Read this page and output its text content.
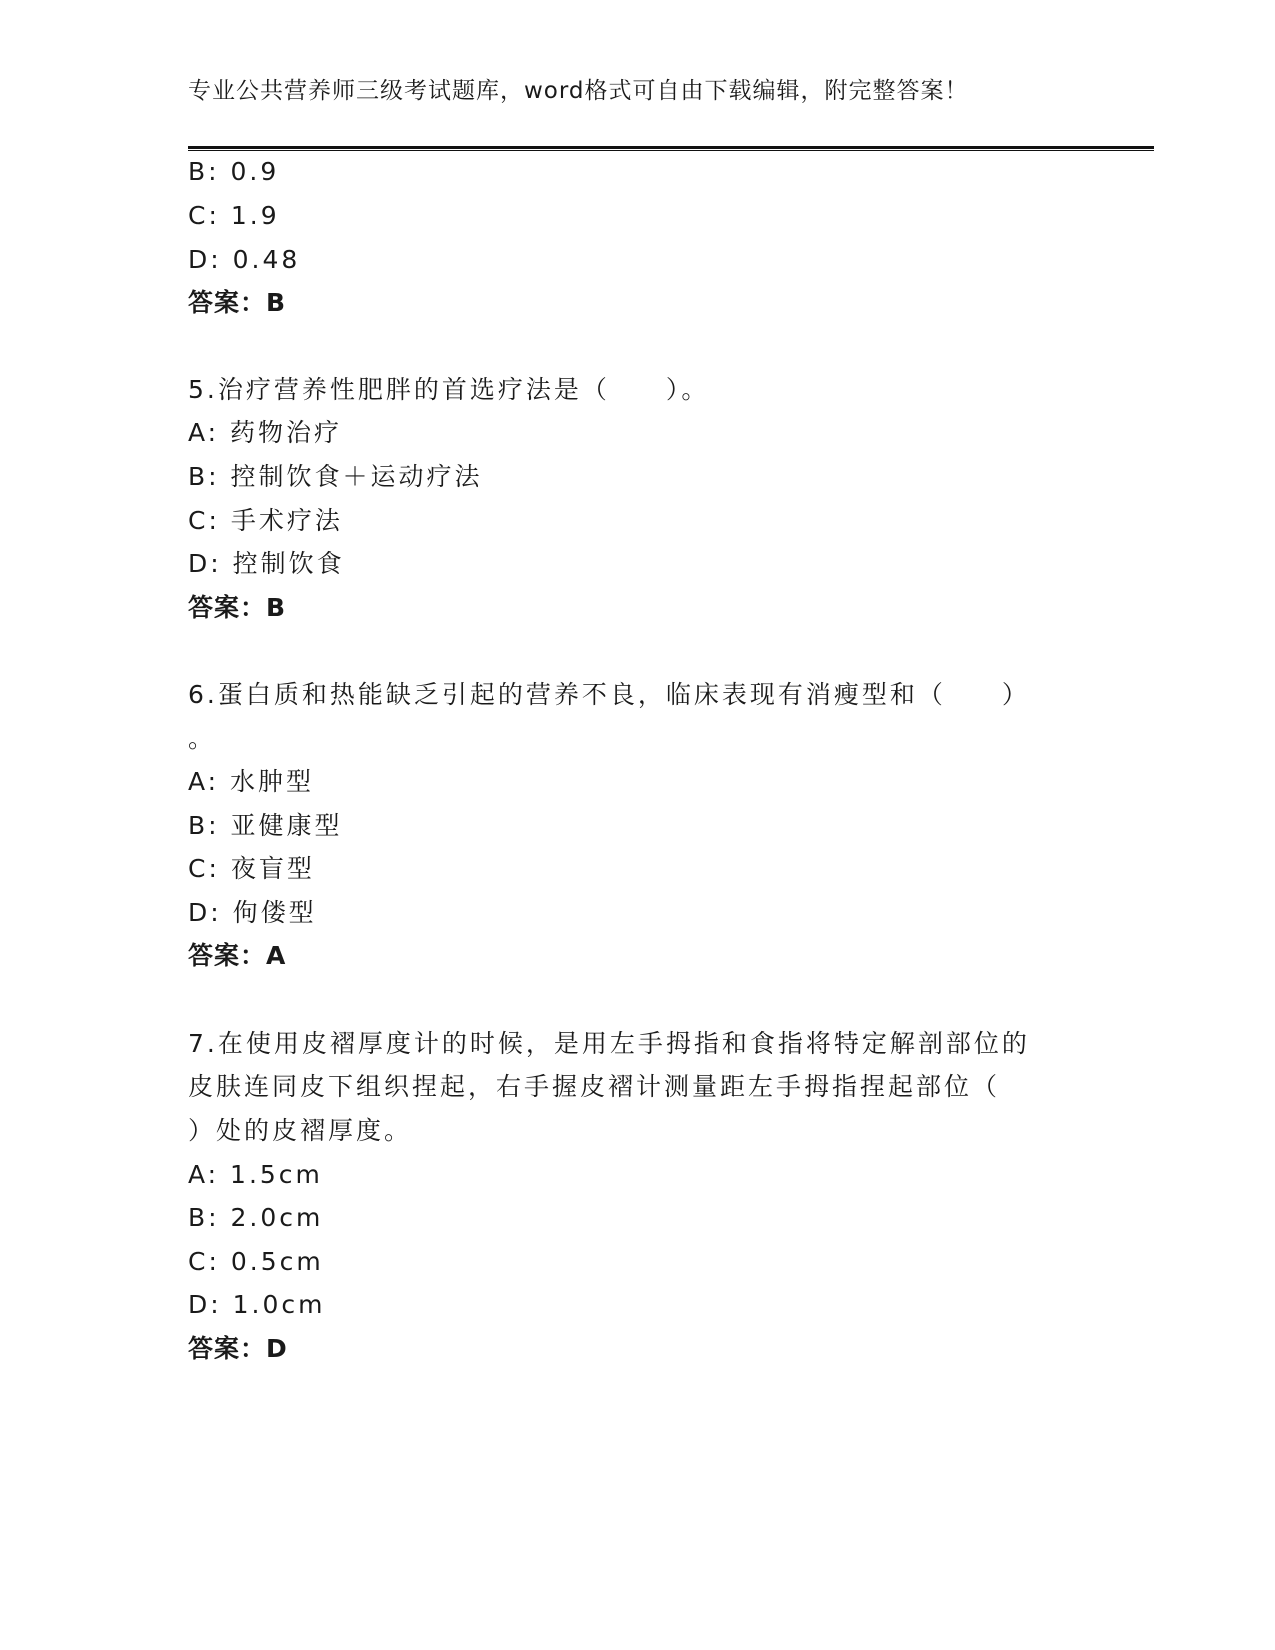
专业公共营养师三级考试题库，word格式可自由下载编辑，附完整答案！
B: 0.9
C: 1.9
D: 0.48
答案：B
5.治疗营养性肥胖的首选疗法是（　　）。
A: 药物治疗
B: 控制饮食＋运动疗法
C: 手术疗法
D: 控制饮食
答案：B
6.蛋白质和热能缺乏引起的营养不良，临床表现有消瘦型和（　　）
。
A: 水肿型
B: 亚健康型
C: 夜盲型
D: 佝偻型
答案：A
7.在使用皮褶厚度计的时候，是用左手拇指和食指将特定解剖部位的
皮肤连同皮下组织捏起，右手握皮褶计测量距左手拇指捏起部位（
）处的皮褶厚度。
A: 1.5cm
B: 2.0cm
C: 0.5cm
D: 1.0cm
答案：D
